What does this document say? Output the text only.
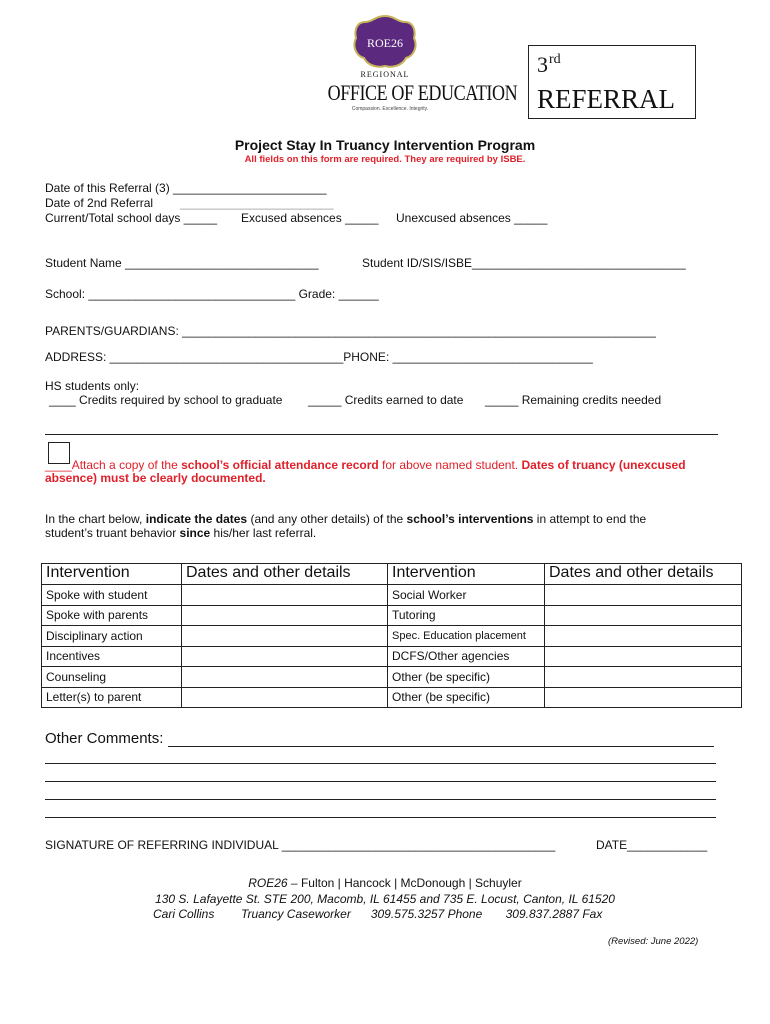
ROE26
REGIONAL
OFFICE OF EDUCATION
Compassion. Excellence. Integrity.
3rd
REFERRAL
Project Stay In Truancy Intervention Program
All fields on this form are required. They are required by ISBE.
Date of this Referral (3) _______________________
Date of 2nd Referral _______________________
Current/Total school days _____ Excused absences _____ Unexcused absences _____
Student Name _____________________________	Student ID/SIS/ISBE________________________________
School: _______________________________ Grade: ______
PARENTS/GUARDIANS: _______________________________________________________________________
ADDRESS: ___________________________________PHONE: ______________________________
HS students only:
____ Credits required by school to graduate _____ Credits earned to date _____ Remaining credits needed
____Attach a copy of the school’s official attendance record for above named student. Dates of truancy (unexcused
absence) must be clearly documented.
In the chart below, indicate the dates (and any other details) of the school’s interventions in attempt to end the
student’s truant behavior since his/her last referral.
Intervention	Dates and other details	Intervention	Dates and other details
Spoke with student		Social Worker	
Spoke with parents		Tutoring	
Disciplinary action		Spec. Education placement	
Incentives		DCFS/Other agencies	
Counseling		Other (be specific)	
Letter(s) to parent		Other (be specific)	
Other Comments:
SIGNATURE OF REFERRING INDIVIDUAL _________________________________________	DATE____________
ROE26 – Fulton | Hancock | McDonough | Schuyler
130 S. Lafayette St. STE 200, Macomb, IL 61455 and 735 E. Locust, Canton, IL 61520
Cari Collins        Truancy Caseworker      309.575.3257 Phone       309.837.2887 Fax
(Revised: June 2022)
